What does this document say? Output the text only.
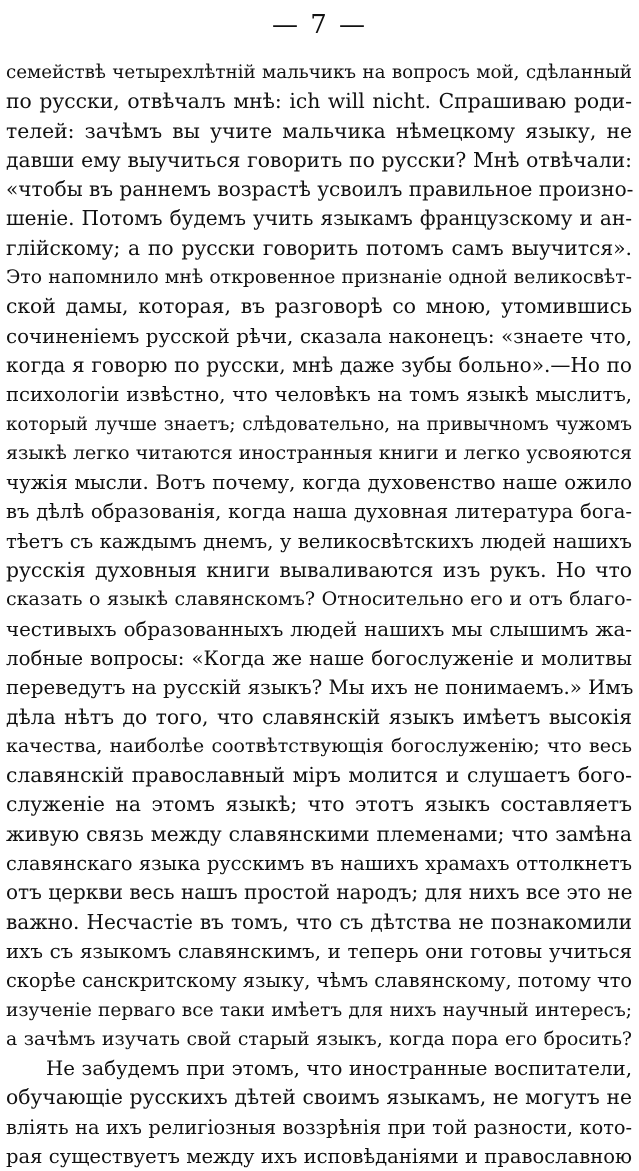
— 7 —
семействѣ четырехлѣтній мальчикъ на вопросъ мой, сдѣланный
по русски, отвѣчалъ мнѣ: ich will nicht. Спрашиваю роди-
телей: зачѣмъ вы учите мальчика нѣмецкому языку, не
давши ему выучиться говорить по русски? Мнѣ отвѣчали:
«чтобы въ раннемъ возрастѣ усвоилъ правильное произно-
шеніе. Потомъ будемъ учить языкамъ французскому и ан-
глійскому; а по русски говорить потомъ самъ выучится».
Это напомнило мнѣ откровенное признаніе одной великосвѣт-
ской дамы, которая, въ разговорѣ со мною, утомившись
сочиненіемъ русской рѣчи, сказала наконецъ: «знаете что,
когда я говорю по русски, мнѣ даже зубы больно».—Но по
психологіи извѣстно, что человѣкъ на томъ языкѣ мыслитъ,
который лучше знаетъ; слѣдовательно, на привычномъ чужомъ
языкѣ легко читаются иностранныя книги и легко усвояются
чужія мысли. Вотъ почему, когда духовенство наше ожило
въ дѣлѣ образованія, когда наша духовная литература бога-
тѣетъ съ каждымъ днемъ, у великосвѣтскихъ людей нашихъ
русскія духовныя книги вываливаются изъ рукъ. Но что
сказать о языкѣ славянскомъ? Относительно его и отъ благо-
честивыхъ образованныхъ людей нашихъ мы слышимъ жа-
лобные вопросы: «Когда же наше богослуженіе и молитвы
переведутъ на русскій языкъ? Мы ихъ не понимаемъ.» Имъ
дѣла нѣтъ до того, что славянскій языкъ имѣетъ высокія
качества, наиболѣе соотвѣтствующія богослуженію; что весь
славянскій православный міръ молится и слушаетъ бого-
служеніе на этомъ языкѣ; что этотъ языкъ составляетъ
живую связь между славянскими племенами; что замѣна
славянскаго языка русскимъ въ нашихъ храмахъ оттолкнетъ
отъ церкви весь нашъ простой народъ; для нихъ все это не
важно. Несчастіе въ томъ, что съ дѣтства не познакомили
ихъ съ языкомъ славянскимъ, и теперь они готовы учиться
скорѣе санскритскому языку, чѣмъ славянскому, потому что
изученіе перваго все таки имѣетъ для нихъ научный интересъ;
а зачѣмъ изучать свой старый языкъ, когда пора его бросить?
Не забудемъ при этомъ, что иностранные воспитатели,
обучающіе русскихъ дѣтей своимъ языкамъ, не могутъ не
вліять на ихъ религіозныя воззрѣнія при той разности, кото-
рая существуетъ между ихъ исповѣданіями и православною
